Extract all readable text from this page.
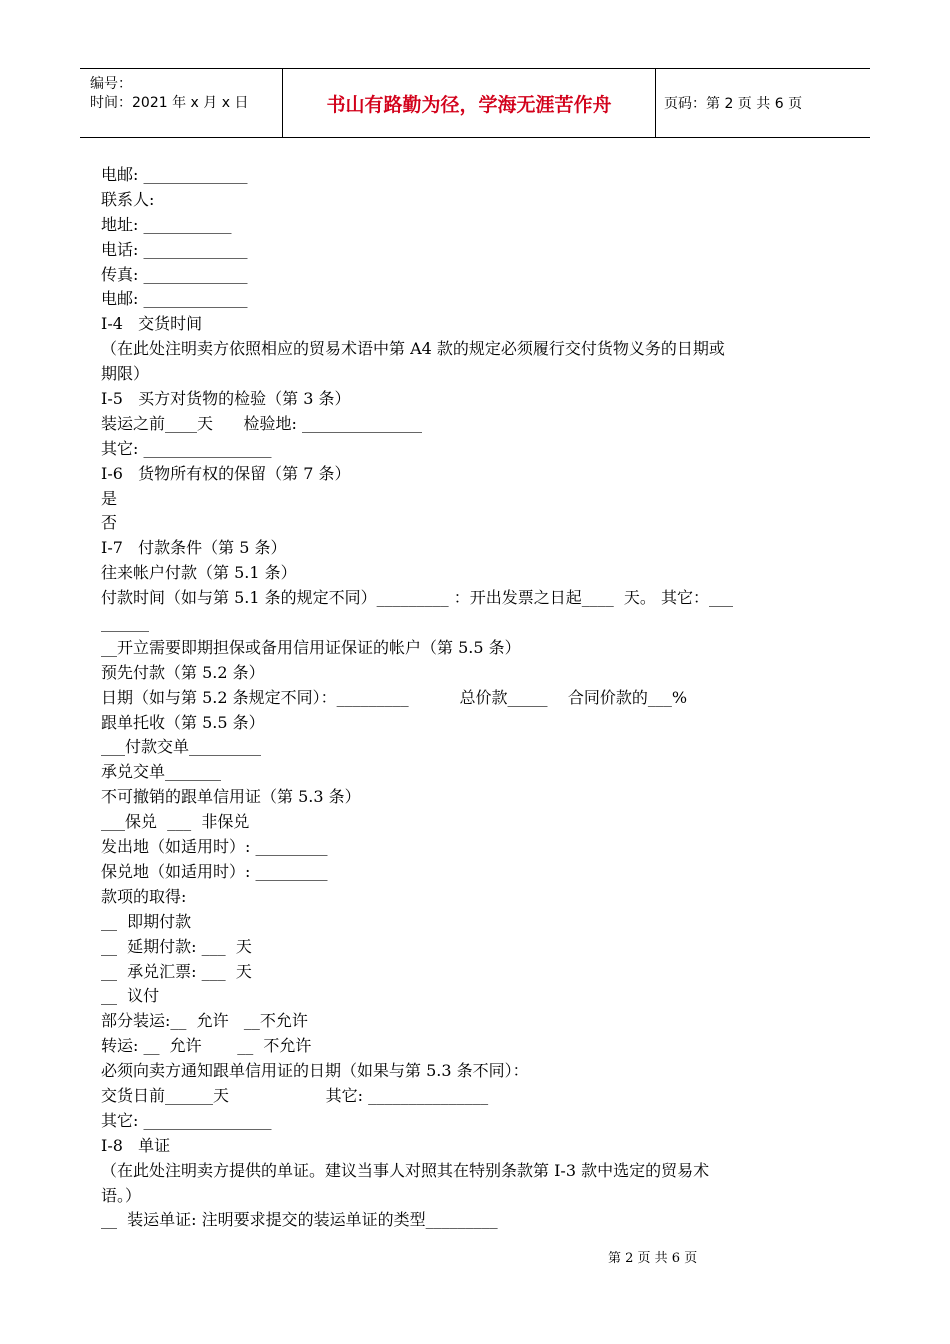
编号：
时间：2021 年 x 月 x 日	书山有路勤为径，学海无涯苦作舟	页码：第 2 页 共 6 页
电邮: _____________
联系人:
地址: ___________
电话: _____________
传真: _____________
电邮: _____________
I-4   交货时间
（在此处注明卖方依照相应的贸易术语中第 A4 款的规定必须履行交付货物义务的日期或
期限）
I-5   买方对货物的检验（第 3 条）
装运之前____天      检验地: _______________
其它: ________________
I-6   货物所有权的保留（第 7 条）
是
否
I-7   付款条件（第 5 条）
往来帐户付款（第 5.1 条）
付款时间（如与第 5.1 条的规定不同）_________ ：开出发票之日起____  天。 其它：___
______
__开立需要即期担保或备用信用证保证的帐户（第 5.5 条）
预先付款（第 5.2 条）
日期（如与第 5.2 条规定不同）：_________          总价款_____    合同价款的___%
跟单托收（第 5.5 条）
___付款交单_________
承兑交单_______
不可撤销的跟单信用证（第 5.3 条）
___保兑  ___  非保兑
发出地（如适用时）: _________
保兑地（如适用时）: _________
款项的取得:
__  即期付款
__  延期付款: ___  天
__  承兑汇票: ___  天
__  议付
部分装运:__  允许   __不允许
转运: __  允许       __  不允许
必须向卖方通知跟单信用证的日期（如果与第 5.3 条不同）：
交货日前______天                   其它: _______________
其它: ________________
I-8   单证
（在此处注明卖方提供的单证。建议当事人对照其在特别条款第 I-3 款中选定的贸易术
语。）
__  装运单证: 注明要求提交的装运单证的类型_________
第 2 页 共 6 页
